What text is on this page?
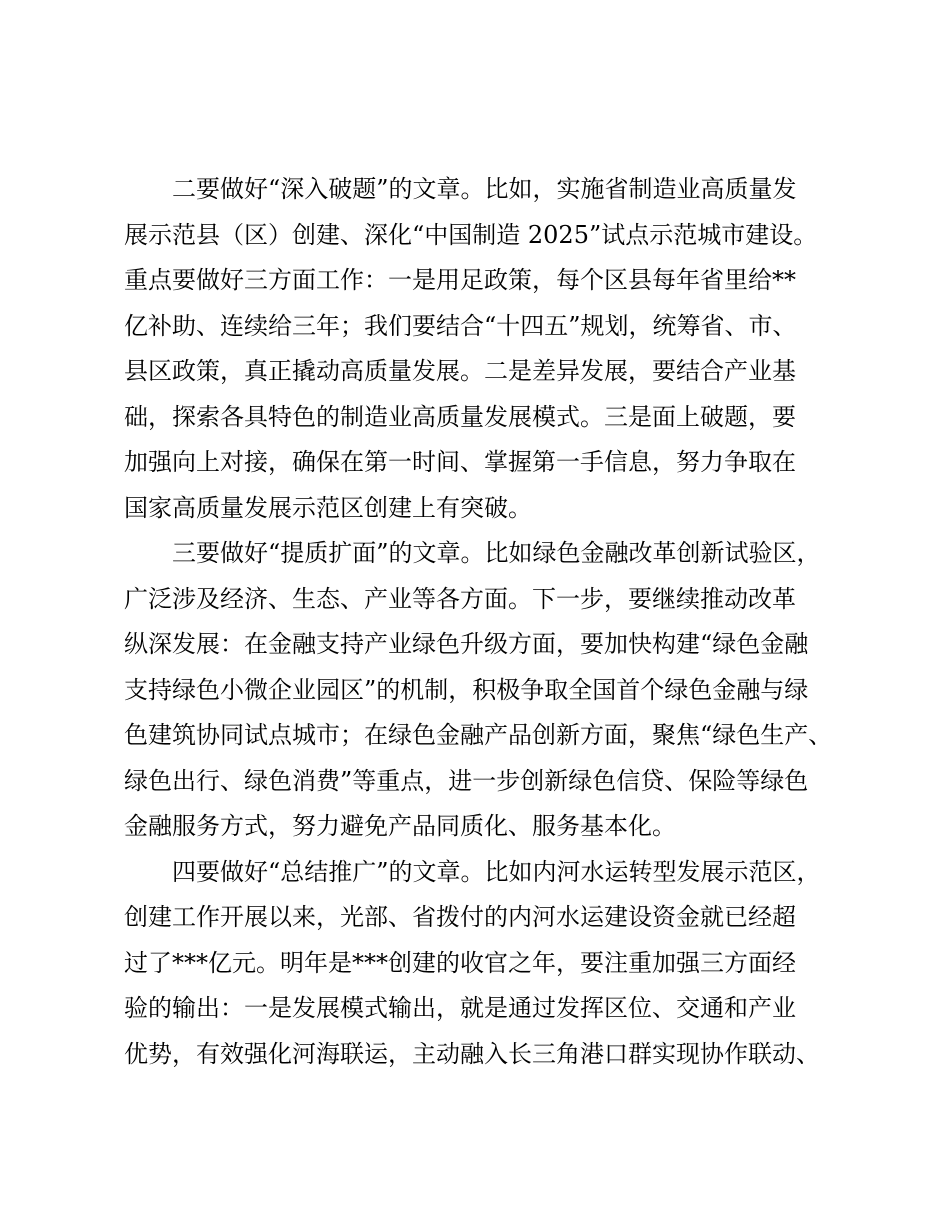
二要做好“深入破题”的文章。比如，实施省制造业高质量发
展示范县（区）创建、深化“中国制造 2025”试点示范城市建设。
重点要做好三方面工作：一是用足政策，每个区县每年省里给**
亿补助、连续给三年；我们要结合“十四五”规划，统筹省、市、
县区政策，真正撬动高质量发展。二是差异发展，要结合产业基
础，探索各具特色的制造业高质量发展模式。三是面上破题，要
加强向上对接，确保在第一时间、掌握第一手信息，努力争取在
国家高质量发展示范区创建上有突破。
三要做好“提质扩面”的文章。比如绿色金融改革创新试验区，
广泛涉及经济、生态、产业等各方面。下一步，要继续推动改革
纵深发展：在金融支持产业绿色升级方面，要加快构建“绿色金融
支持绿色小微企业园区”的机制，积极争取全国首个绿色金融与绿
色建筑协同试点城市；在绿色金融产品创新方面，聚焦“绿色生产、
绿色出行、绿色消费”等重点，进一步创新绿色信贷、保险等绿色
金融服务方式，努力避免产品同质化、服务基本化。
四要做好“总结推广”的文章。比如内河水运转型发展示范区，
创建工作开展以来，光部、省拨付的内河水运建设资金就已经超
过了***亿元。明年是***创建的收官之年，要注重加强三方面经
验的输出：一是发展模式输出，就是通过发挥区位、交通和产业
优势，有效强化河海联运，主动融入长三角港口群实现协作联动、
